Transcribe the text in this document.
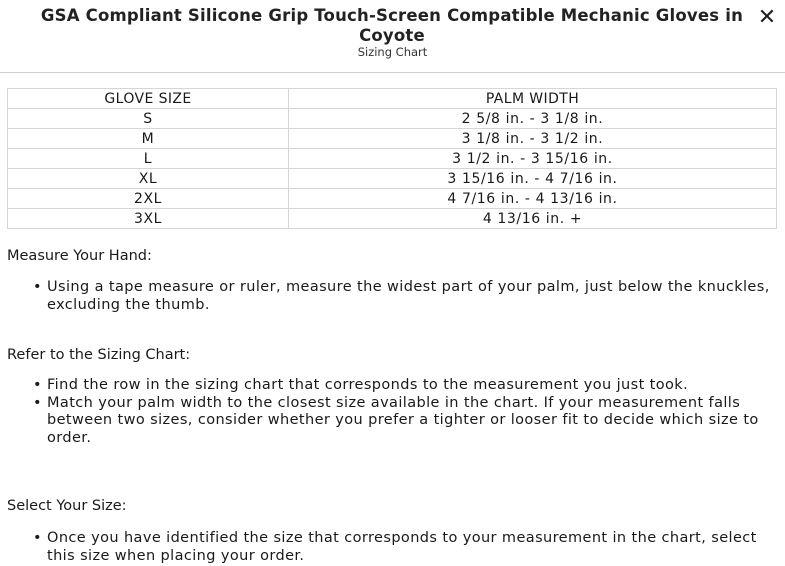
GSA Compliant Silicone Grip Touch-Screen Compatible Mechanic Gloves in Coyote
Sizing Chart
✕
GLOVE SIZE	PALM WIDTH
S	2 5/8 in. - 3 1/8 in.
M	3 1/8 in. - 3 1/2 in.
L	3 1/2 in. - 3 15/16 in.
XL	3 15/16 in. - 4 7/16 in.
2XL	4 7/16 in. - 4 13/16 in.
3XL	4 13/16 in. +
Measure Your Hand:
• Using a tape measure or ruler, measure the widest part of your palm, just below the knuckles, excluding the thumb.
Refer to the Sizing Chart:
• Find the row in the sizing chart that corresponds to the measurement you just took.
• Match your palm width to the closest size available in the chart. If your measurement falls between two sizes, consider whether you prefer a tighter or looser fit to decide which size to order.
Select Your Size:
• Once you have identified the size that corresponds to your measurement in the chart, select this size when placing your order.
